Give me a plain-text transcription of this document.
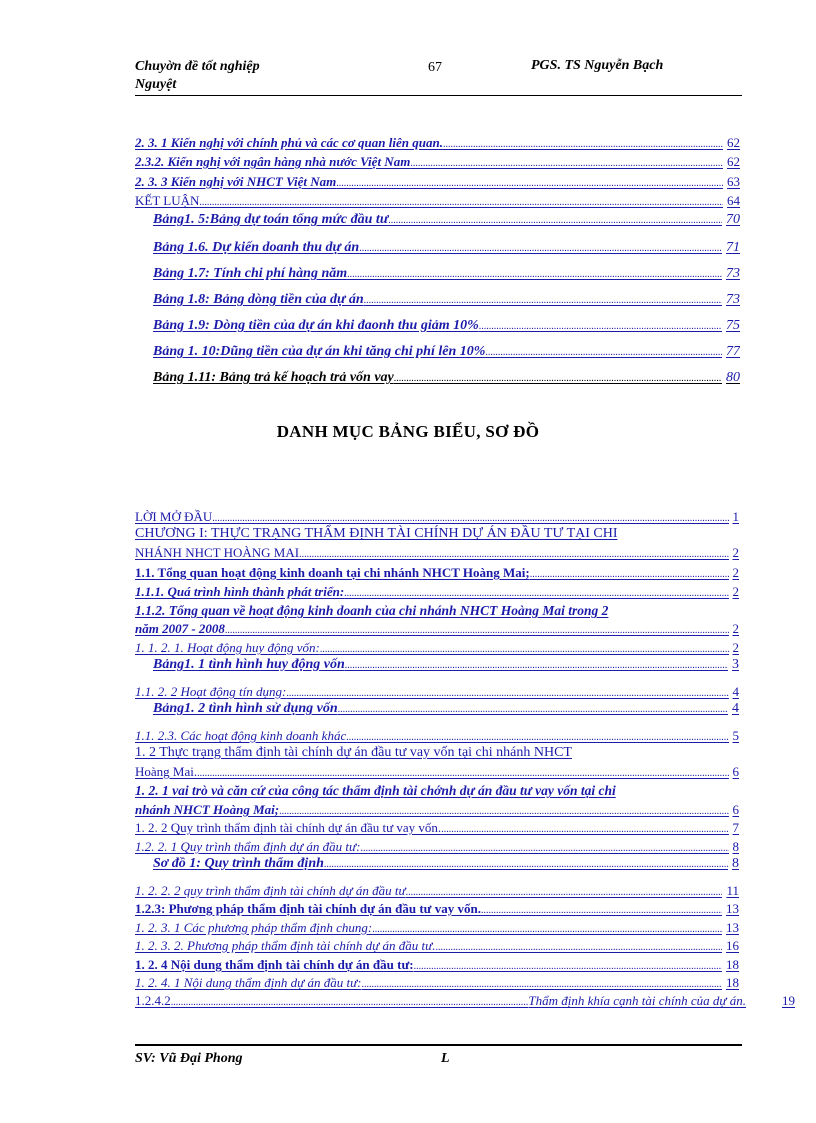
Chuyờn đề tốt nghiệp
Nguyệt
67	PGS. TS Nguyễn Bạch
2. 3. 1 Kiến nghị với chính phủ và các cơ quan liên quan. .....	62
2.3.2. Kiến nghị với ngân hàng nhà nước Việt Nam .....	62
2. 3. 3 Kiến nghị với NHCT Việt Nam .....	63
KẾT LUẬN .....	64
Bảng1. 5:Bảng dự toán tổng mức đầu tư .....	70
Bảng 1.6. Dự kiến doanh thu dự án .....	71
Bảng 1.7: Tính chi phí hàng năm .....	73
Bảng 1.8: Bảng dòng tiền của dự án .....	73
Bảng 1.9: Dòng tiền của dự án khi đaonh thu giảm 10% .....	75
Bảng 1. 10:Dũng tiền của dự án khi tăng chi phí lên 10% .....	77
Bảng 1.11: Bảng trả kế hoạch trả vốn vay .....	80
DANH MỤC BẢNG BIỂU, SƠ ĐỒ
LỜI MỞ ĐẦU .....	1
CHƯƠNG I: THỰC TRẠNG THẨM ĐỊNH TÀI CHÍNH DỰ ÁN ĐẦU TƯ TẠI CHI
NHÁNH NHCT HOÀNG MAI .....	2
1.1. Tổng quan hoạt động kinh doanh tại chi nhánh NHCT Hoàng Mai; .....	2
1.1.1. Quá trình hình thành phát triển: .....	2
1.1.2. Tổng quan về hoạt động kinh doanh của chi nhánh NHCT Hoàng Mai trong 2
năm 2007 - 2008 .....	2
1. 1. 2. 1. Hoạt động huy động vốn: .....	2
Bảng1. 1 tình hình huy động vốn .....	3
1.1. 2. 2 Hoạt động tín dụng: .....	4
Bảng1. 2 tình hình sử dụng vốn .....	4
1.1. 2.3. Các hoạt động kinh doanh khác .....	5
1. 2 Thực trạng thẩm định tài chính dự án đầu tư vay vốn tại chi nhánh NHCT
Hoàng Mai. .....	6
1. 2. 1 vai trò và căn cứ của công tác thẩm định tài chớnh dự án đầu tư vay vốn tại chi
nhánh NHCT Hoàng Mai; .....	6
1. 2. 2 Quy trình thẩm định tài chính dự án đầu tư vay vốn. .....	7
1.2. 2. 1 Quy trình thẩm định dự án đầu tư: .....	8
Sơ đồ 1: Quy trình thẩm định .....	8
1. 2. 2. 2 quy trình thẩm định tài chính dự án đầu tư .....	11
1.2.3: Phương pháp thẩm định tài chính dự án đầu tư vay vốn. .....	13
1. 2. 3. 1 Các phương pháp thẩm định chung: .....	13
1. 2. 3. 2. Phương pháp thẩm định tài chính dự án đầu tư. .....	16
1. 2. 4 Nội dung thẩm định tài chính dự án đầu tư: .....	18
1. 2. 4. 1 Nội dung thẩm định dự án đầu tư: .....	18
1.2.4.2 .....	Thẩm định khía cạnh tài chính của dự án.	19
SV: Vũ Đại Phong	L
